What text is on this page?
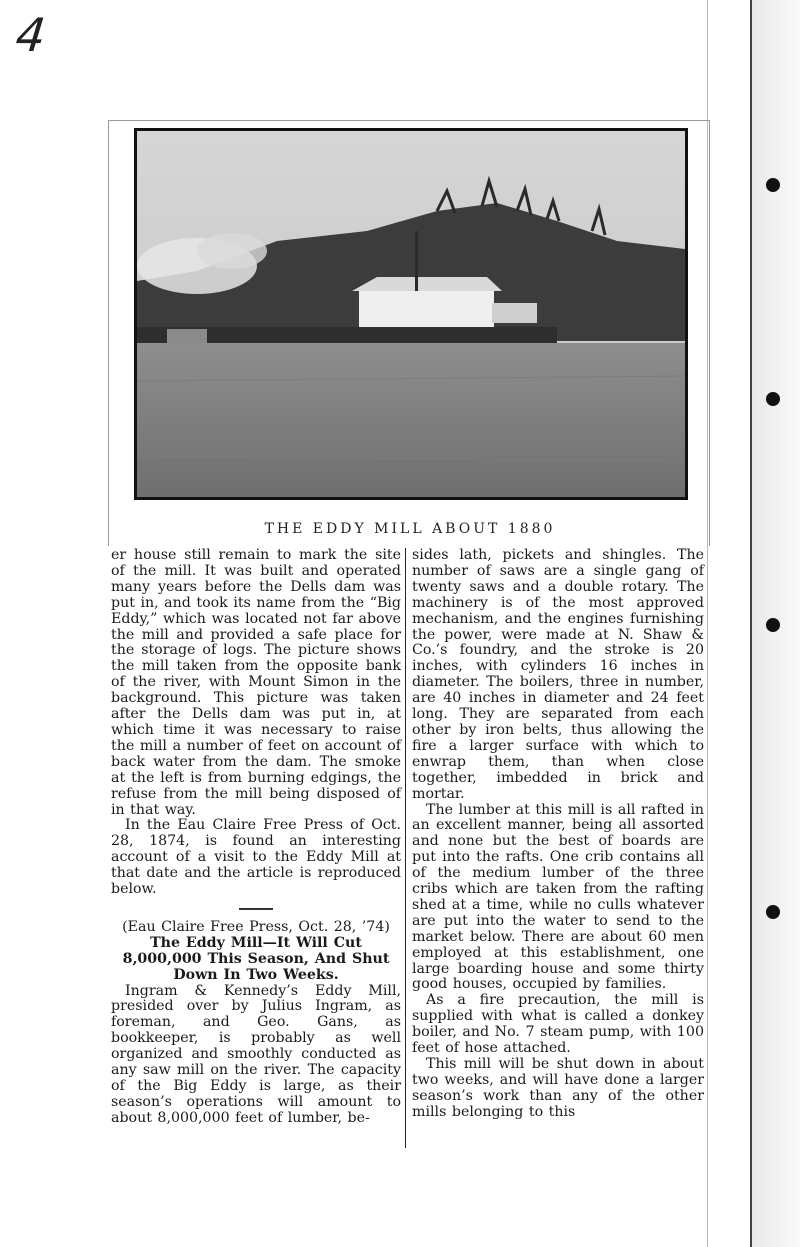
4
THE EDDY MILL ABOUT 1880

er house still remain to mark the site of the mill. It was built and operated many years before the Dells dam was put in, and took its name from the “Big Eddy,” which was located not far above the mill and provided a safe place for the storage of logs. The picture shows the mill taken from the opposite bank of the river, with Mount Simon in the background. This picture was taken after the Dells dam was put in, at which time it was necessary to raise the mill a number of feet on account of back water from the dam. The smoke at the left is from burning edgings, the refuse from the mill being disposed of in that way.

In the Eau Claire Free Press of Oct. 28, 1874, is found an interesting account of a visit to the Eddy Mill at that date and the article is reproduced below.

(Eau Claire Free Press, Oct. 28, ’74)

The Eddy Mill—It Will Cut 8,000,000 This Season, And Shut Down In Two Weeks.

Ingram & Kennedy’s Eddy Mill, presided over by Julius Ingram, as foreman, and Geo. Gans, as bookkeeper, is probably as well organized and smoothly conducted as any saw mill on the river. The capacity of the Big Eddy is large, as their season’s operations will amount to about 8,000,000 feet of lumber, be-

sides lath, pickets and shingles. The number of saws are a single gang of twenty saws and a double rotary. The machinery is of the most approved mechanism, and the engines furnishing the power, were made at N. Shaw & Co.’s foundry, and the stroke is 20 inches, with cylinders 16 inches in diameter. The boilers, three in number, are 40 inches in diameter and 24 feet long. They are separated from each other by iron belts, thus allowing the fire a larger surface with which to enwrap them, than when close together, imbedded in brick and mortar.

The lumber at this mill is all rafted in an excellent manner, being all assorted and none but the best of boards are put into the rafts. One crib contains all of the medium lumber of the three cribs which are taken from the rafting shed at a time, while no culls whatever are put into the water to send to the market below. There are about 60 men employed at this establishment, one large boarding house and some thirty good houses, occupied by families.

As a fire precaution, the mill is supplied with what is called a donkey boiler, and No. 7 steam pump, with 100 feet of hose attached.

This mill will be shut down in about two weeks, and will have done a larger season’s work than any of the other mills belonging to this
